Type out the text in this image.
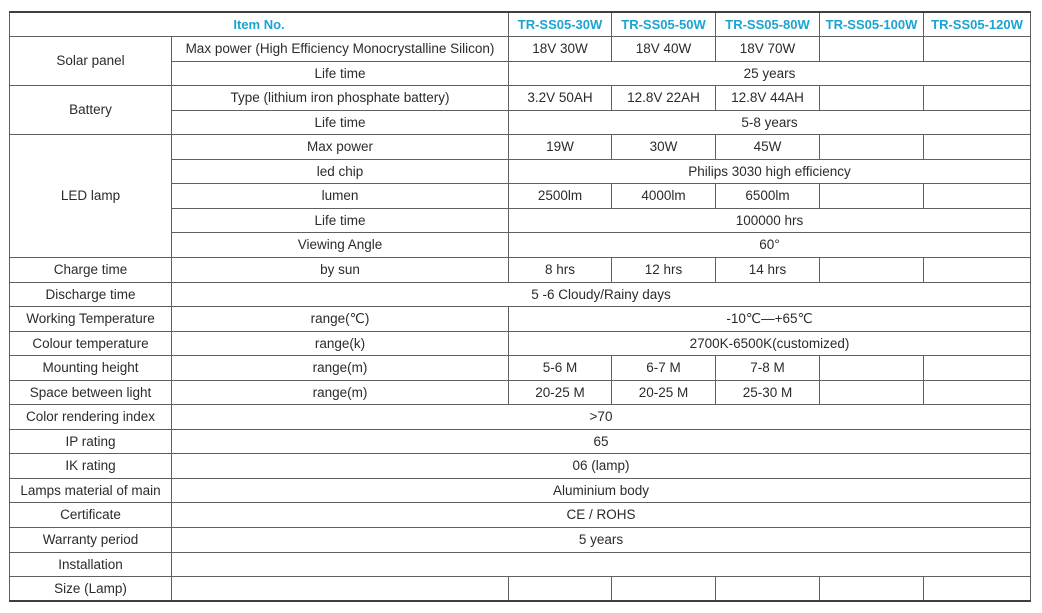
Item No.		TR-SS05-30W	TR-SS05-50W	TR-SS05-80W	TR-SS05-100W	TR-SS05-120W
Solar panel	Max power (High Efficiency Monocrystalline Silicon)	18V 30W	18V 40W	18V 70W		
	Life time	25 years				
Battery	Type (lithium iron phosphate battery)	3.2V 50AH	12.8V 22AH	12.8V 44AH		
	Life time	5-8 years				
LED lamp	Max power	19W	30W	45W		
	led chip	Philips 3030 high efficiency				
	lumen	2500lm	4000lm	6500lm		
	Life time	100000 hrs				
	Viewing Angle	60°				
Charge time	by sun	8 hrs	12 hrs	14 hrs		
Discharge time	5 -6 Cloudy/Rainy days					
Working Temperature	range(℃)	-10℃—+65℃				
Colour temperature	range(k)	2700K-6500K(customized)				
Mounting height	range(m)	5-6 M	6-7 M	7-8 M		
Space between light	range(m)	20-25 M	20-25 M	25-30 M		
Color rendering index	>70					
IP rating	65					
IK rating	06 (lamp)					
Lamps material of main	Aluminium body					
Certificate	CE / ROHS					
Warranty period	5 years					
Installation						
Size (Lamp)						
